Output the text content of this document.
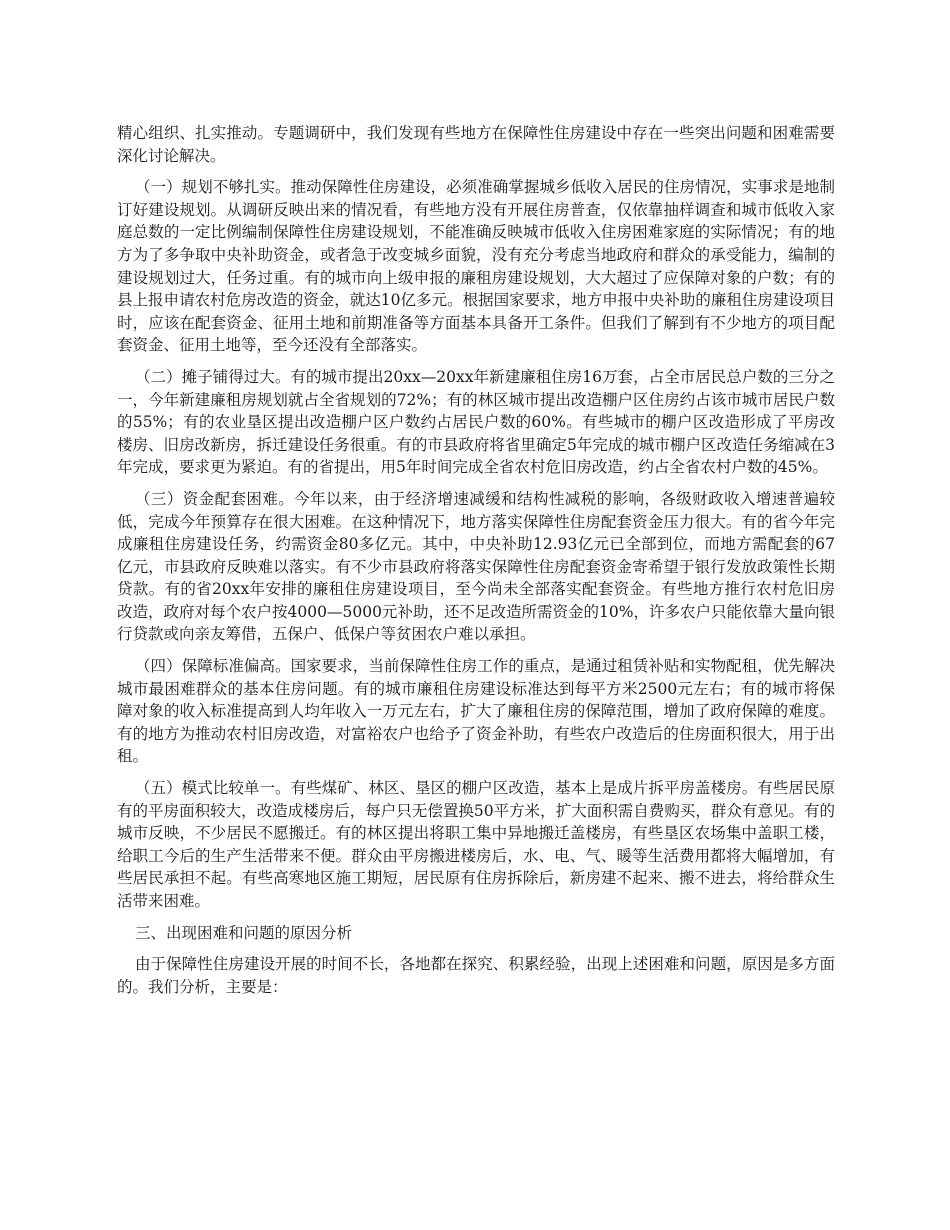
精心组织、扎实推动。专题调研中，我们发现有些地方在保障性住房建设中存在一些突出问题和困难需要深化讨论解决。

（一）规划不够扎实。推动保障性住房建设，必须准确掌握城乡低收入居民的住房情况，实事求是地制订好建设规划。从调研反映出来的情况看，有些地方没有开展住房普查，仅依靠抽样调查和城市低收入家庭总数的一定比例编制保障性住房建设规划，不能准确反映城市低收入住房困难家庭的实际情况；有的地方为了多争取中央补助资金，或者急于改变城乡面貌，没有充分考虑当地政府和群众的承受能力，编制的建设规划过大，任务过重。有的城市向上级申报的廉租房建设规划，大大超过了应保障对象的户数；有的县上报申请农村危房改造的资金，就达10亿多元。根据国家要求，地方申报中央补助的廉租住房建设项目时，应该在配套资金、征用土地和前期准备等方面基本具备开工条件。但我们了解到有不少地方的项目配套资金、征用土地等，至今还没有全部落实。

（二）摊子铺得过大。有的城市提出20xx—20xx年新建廉租住房16万套，占全市居民总户数的三分之一，今年新建廉租房规划就占全省规划的72%；有的林区城市提出改造棚户区住房约占该市城市居民户数的55%；有的农业垦区提出改造棚户区户数约占居民户数的60%。有些城市的棚户区改造形成了平房改楼房、旧房改新房，拆迁建设任务很重。有的市县政府将省里确定5年完成的城市棚户区改造任务缩减在3年完成，要求更为紧迫。有的省提出，用5年时间完成全省农村危旧房改造，约占全省农村户数的45%。

（三）资金配套困难。今年以来，由于经济增速减缓和结构性减税的影响，各级财政收入增速普遍较低，完成今年预算存在很大困难。在这种情况下，地方落实保障性住房配套资金压力很大。有的省今年完成廉租住房建设任务，约需资金80多亿元。其中，中央补助12.93亿元已全部到位，而地方需配套的67亿元，市县政府反映难以落实。有不少市县政府将落实保障性住房配套资金寄希望于银行发放政策性长期贷款。有的省20xx年安排的廉租住房建设项目，至今尚未全部落实配套资金。有些地方推行农村危旧房改造，政府对每个农户按4000—5000元补助，还不足改造所需资金的10%，许多农户只能依靠大量向银行贷款或向亲友筹借，五保户、低保户等贫困农户难以承担。

（四）保障标准偏高。国家要求，当前保障性住房工作的重点，是通过租赁补贴和实物配租，优先解决城市最困难群众的基本住房问题。有的城市廉租住房建设标准达到每平方米2500元左右；有的城市将保障对象的收入标准提高到人均年收入一万元左右，扩大了廉租住房的保障范围，增加了政府保障的难度。有的地方为推动农村旧房改造，对富裕农户也给予了资金补助，有些农户改造后的住房面积很大，用于出租。

（五）模式比较单一。有些煤矿、林区、垦区的棚户区改造，基本上是成片拆平房盖楼房。有些居民原有的平房面积较大，改造成楼房后，每户只无偿置换50平方米，扩大面积需自费购买，群众有意见。有的城市反映，不少居民不愿搬迁。有的林区提出将职工集中异地搬迁盖楼房，有些垦区农场集中盖职工楼，给职工今后的生产生活带来不便。群众由平房搬进楼房后，水、电、气、暖等生活费用都将大幅增加，有些居民承担不起。有些高寒地区施工期短，居民原有住房拆除后，新房建不起来、搬不进去，将给群众生活带来困难。

三、出现困难和问题的原因分析

由于保障性住房建设开展的时间不长，各地都在探究、积累经验，出现上述困难和问题，原因是多方面的。我们分析，主要是：
